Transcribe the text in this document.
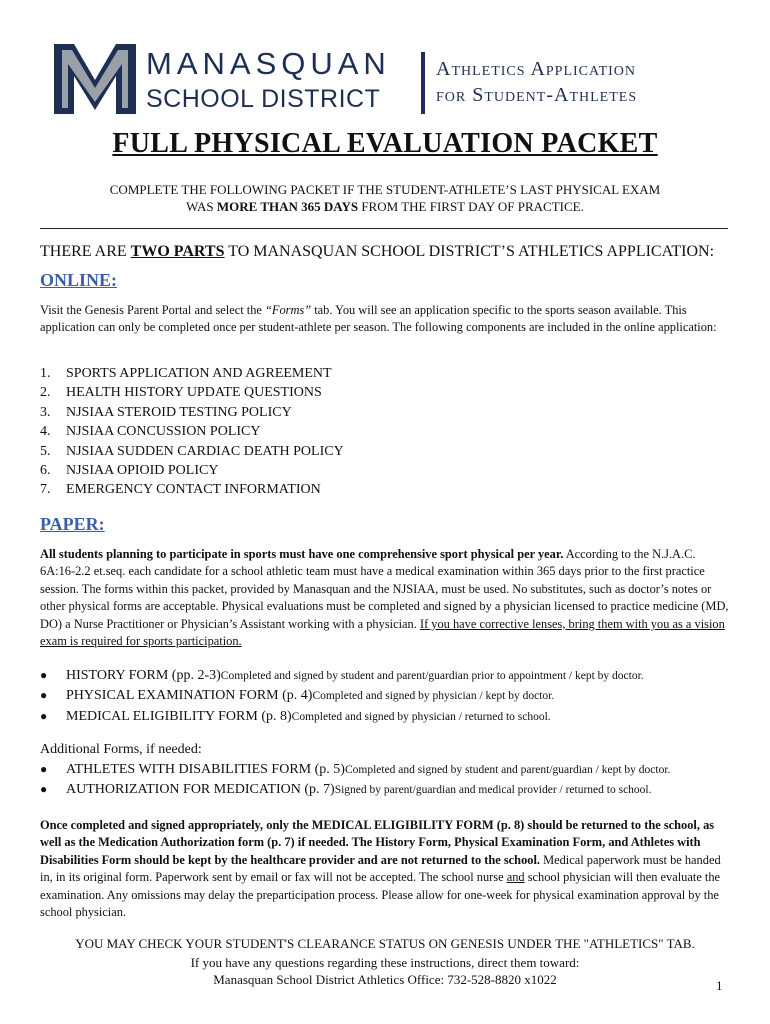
MANASQUAN
SCHOOL DISTRICT
Athletics Application
for Student-Athletes
FULL PHYSICAL EVALUATION PACKET
COMPLETE THE FOLLOWING PACKET IF THE STUDENT-ATHLETE’S LAST PHYSICAL EXAM
WAS MORE THAN 365 DAYS FROM THE FIRST DAY OF PRACTICE.
THERE ARE TWO PARTS TO MANASQUAN SCHOOL DISTRICT’S ATHLETICS APPLICATION:
ONLINE:
Visit the Genesis Parent Portal and select the “Forms” tab. You will see an application specific to the sports season available. This application can only be completed once per student-athlete per season. The following components are included in the online application:
1.	SPORTS APPLICATION AND AGREEMENT
2.	HEALTH HISTORY UPDATE QUESTIONS
3.	NJSIAA STEROID TESTING POLICY
4.	NJSIAA CONCUSSION POLICY
5.	NJSIAA SUDDEN CARDIAC DEATH POLICY
6.	NJSIAA OPIOID POLICY
7.	EMERGENCY CONTACT INFORMATION
PAPER:
All students planning to participate in sports must have one comprehensive sport physical per year. According to the N.J.A.C. 6A:16-2.2 et.seq. each candidate for a school athletic team must have a medical examination within 365 days prior to the first practice session. The forms within this packet, provided by Manasquan and the NJSIAA, must be used. No substitutes, such as doctor’s notes or other physical forms are acceptable. Physical evaluations must be completed and signed by a physician licensed to practice medicine (MD, DO) a Nurse Practitioner or Physician’s Assistant working with a physician. If you have corrective lenses, bring them with you as a vision exam is required for sports participation.
●	HISTORY FORM (pp. 2-3) Completed and signed by student and parent/guardian prior to appointment / kept by doctor.
●	PHYSICAL EXAMINATION FORM (p. 4) Completed and signed by physician / kept by doctor.
●	MEDICAL ELIGIBILITY FORM (p. 8) Completed and signed by physician / returned to school.
Additional Forms, if needed:
●	ATHLETES WITH DISABILITIES FORM (p. 5) Completed and signed by student and parent/guardian / kept by doctor.
●	AUTHORIZATION FOR MEDICATION (p. 7) Signed by parent/guardian and medical provider / returned to school.
Once completed and signed appropriately, only the MEDICAL ELIGIBILITY FORM (p. 8) should be returned to the school, as well as the Medication Authorization form (p. 7) if needed. The History Form, Physical Examination Form, and Athletes with Disabilities Form should be kept by the healthcare provider and are not returned to the school. Medical paperwork must be handed in, in its original form. Paperwork sent by email or fax will not be accepted. The school nurse and school physician will then evaluate the examination. Any omissions may delay the preparticipation process. Please allow for one-week for physical examination approval by the school physician.
YOU MAY CHECK YOUR STUDENT'S CLEARANCE STATUS ON GENESIS UNDER THE "ATHLETICS" TAB.
If you have any questions regarding these instructions, direct them toward:
Manasquan School District Athletics Office: 732-528-8820 x1022	1
